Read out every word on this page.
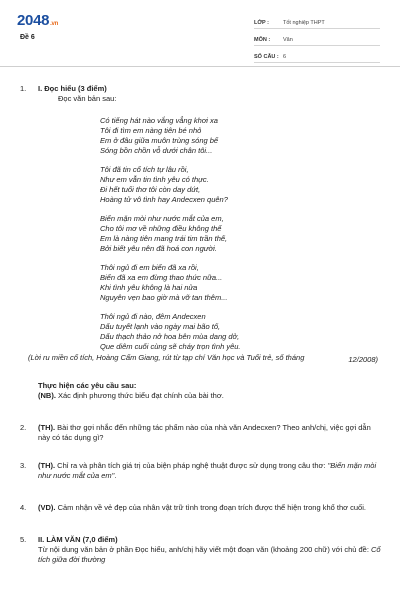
2048.vn
Đề 6
LỚP :	Tốt nghiệp THPT
MÔN :	Văn
SỐ CÂU : 6
1. I. Đọc hiểu (3 điểm)
Đọc văn bản sau:
Có tiếng hát nào vắng vẳng khơi xa
Tôi đi tìm em nàng tiên bé nhỏ
Em ở đâu giữa muôn trùng sóng bể
Sóng bồn chồn vỗ dưới chân tôi...
Tôi đã tin cổ tích tự lâu rồi,
Như em vẫn tin tình yêu có thực.
Đi hết tuổi thơ tôi còn day dứt,
Hoàng tử vô tình hay Andecxen quên?
Biển mặn mòi như nước mắt của em,
Cho tôi mơ về những điều không thể
Em là nàng tiên mang trái tim trần thế,
Bởi biết yêu nên đã hoá con người.
Thôi ngủ đi em biển đã xa rồi,
Biển đã xa em đừng thao thức nữa...
Khi tình yêu không là hai nửa
Nguyên vẹn bao giờ mà vỡ tan thêm...
Thôi ngủ đi nào, đêm Andecxen
Dấu tuyết lạnh vào ngày mai bão tố,
Dấu thạch thảo nở hoa bên mùa dang dở,
Que diêm cuối cùng sẽ cháy trọn tình yêu.
(Lời ru miền cổ tích, Hoàng Cẩm Giang, rút từ tạp chí Văn học và Tuổi trẻ, số tháng	12/2008)
Thực hiện các yêu cầu sau:
(NB). Xác định phương thức biểu đạt chính của bài thơ.
2. (TH). Bài thơ gợi nhắc đến những tác phẩm nào của nhà văn Andecxen? Theo anh/chị, việc gợi dẫn này có tác dụng gì?
3. (TH). Chỉ ra và phân tích giá trị của biện pháp nghệ thuật được sử dụng trong câu thơ: "Biển mặn mòi như nước mắt của em".
4. (VD). Cảm nhận về vẻ đẹp của nhân vật trữ tình trong đoạn trích được thể hiện trong khổ thơ cuối.
5. II. LÀM VĂN (7,0 điểm)
Từ nội dung văn bản ở phần Đọc hiểu, anh/chị hãy viết một đoạn văn (khoảng 200 chữ) với chủ đề: Cổ tích giữa đời thường
